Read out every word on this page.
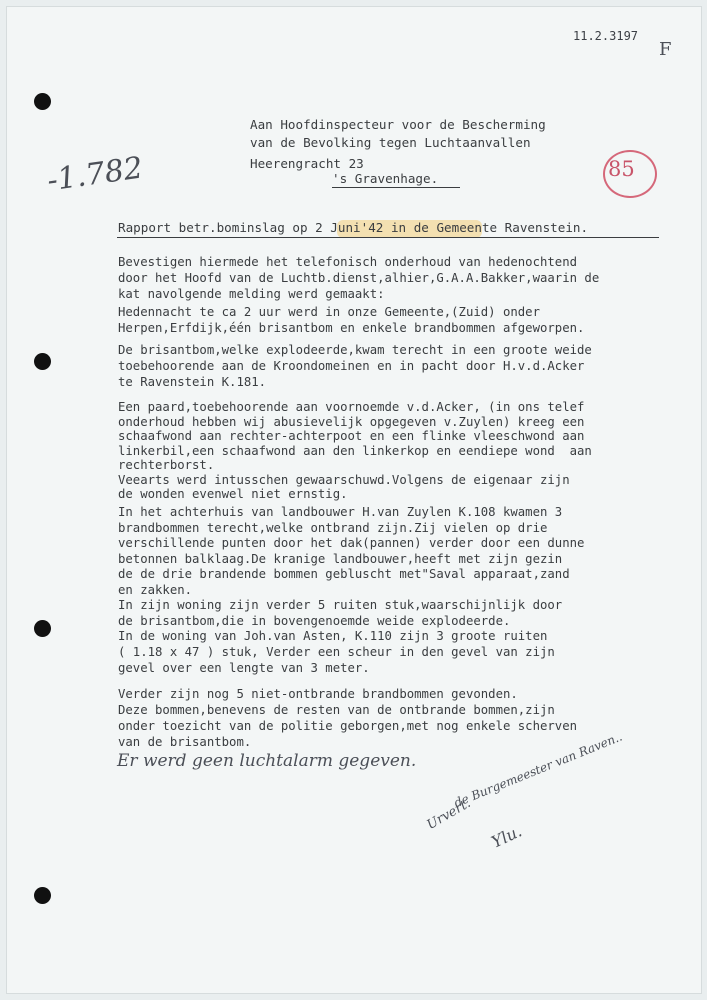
11.2.3197
F
-1.782	85
Aan Hoofdinspecteur voor de Bescherming
van de Bevolking tegen Luchtaanvallen
Heerengracht 23
's Gravenhage.
Rapport betr.bominslag op 2 Juni'42 in de Gemeente Ravenstein.
Bevestigen hiermede het telefonisch onderhoud van hedenochtend
door het Hoofd van de Luchtb.dienst,alhier,G.A.A.Bakker,waarin de
kat navolgende melding werd gemaakt:
Hedennacht te ca 2 uur werd in onze Gemeente,(Zuid) onder
Herpen,Erfdijk,één brisantbom en enkele brandbommen afgeworpen.
De brisantbom,welke explodeerde,kwam terecht in een groote weide
toebehoorende aan de Kroondomeinen en in pacht door H.v.d.Acker
te Ravenstein K.181.
Een paard,toebehoorende aan voornoemde v.d.Acker, (in ons telef
onderhoud hebben wij abusievelijk opgegeven v.Zuylen) kreeg een
schaafwond aan rechter-achterpoot en een flinke vleeschwond aan
linkerbil,een schaafwond aan den linkerkop en eendiepe wond  aan
rechterborst.
Veearts werd intusschen gewaarschuwd.Volgens de eigenaar zijn
de wonden evenwel niet ernstig.
In het achterhuis van landbouwer H.van Zuylen K.108 kwamen 3
brandbommen terecht,welke ontbrand zijn.Zij vielen op drie
verschillende punten door het dak(pannen) verder door een dunne
betonnen balklaag.De kranige landbouwer,heeft met zijn gezin
de de drie brandende bommen gebluscht met"Saval apparaat,zand
en zakken.
In zijn woning zijn verder 5 ruiten stuk,waarschijnlijk door
de brisantbom,die in bovengenoemde weide explodeerde.
In de woning van Joh.van Asten, K.110 zijn 3 groote ruiten
( 1.18 x 47 ) stuk, Verder een scheur in den gevel van zijn
gevel over een lengte van 3 meter.
Verder zijn nog 5 niet-ontbrande brandbommen gevonden.
Deze bommen,benevens de resten van de ontbrande bommen,zijn
onder toezicht van de politie geborgen,met nog enkele scherven
van de brisantbom.
Er werd geen luchtalarm gegeven.
Urvert.
de Burgemeester van Raven..
Ylu.
